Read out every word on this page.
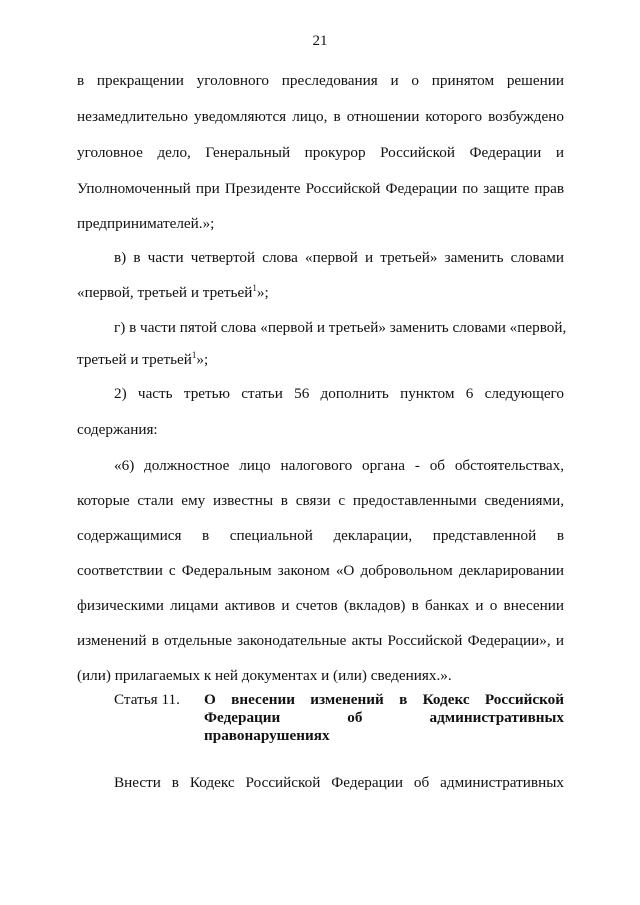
21
в прекращении уголовного преследования и о принятом решении
незамедлительно уведомляются лицо, в отношении которого возбуждено
уголовное дело, Генеральный прокурор Российской Федерации и
Уполномоченный при Президенте Российской Федерации по защите прав
предпринимателей.»;
в) в части четвертой слова «первой и третьей» заменить словами
«первой, третьей и третьей$^1$»;
г) в части пятой слова «первой и третьей» заменить словами «первой,
третьей и третьей$^1$»;
2) часть третью статьи 56 дополнить пунктом 6 следующего
содержания:
«6) должностное лицо налогового органа - об обстоятельствах,
которые стали ему известны в связи с предоставленными сведениями,
содержащимися в специальной декларации, представленной в
соответствии с Федеральным законом «О добровольном декларировании
физическими лицами активов и счетов (вкладов) в банках и о внесении
изменений в отдельные законодательные акты Российской Федерации», и
(или) прилагаемых к ней документах и (или) сведениях.».
Статья 11.	О внесении изменений в Кодекс Российской
Федерации об административных
правонарушениях
Внести в Кодекс Российской Федерации об административных
